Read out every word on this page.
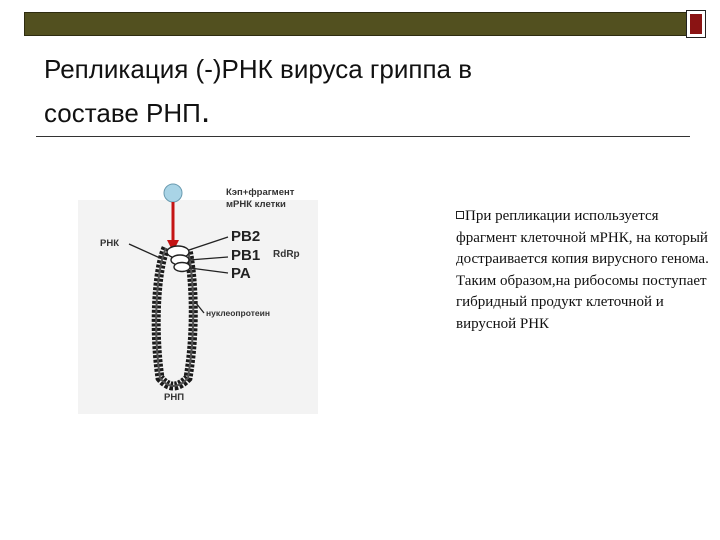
Репликация (-)РНК вируса гриппа в
составе РНП.
Кэп+фрагмент
мРНК клетки
РНК	PB2
PB1 RdRp
PA
нуклеопротеин
РНП
При репликации используется фрагмент клеточной мРНК, на который достраивается копия вирусного генома. Таким образом,на рибосомы поступает гибридный продукт клеточной и вирусной РНК
